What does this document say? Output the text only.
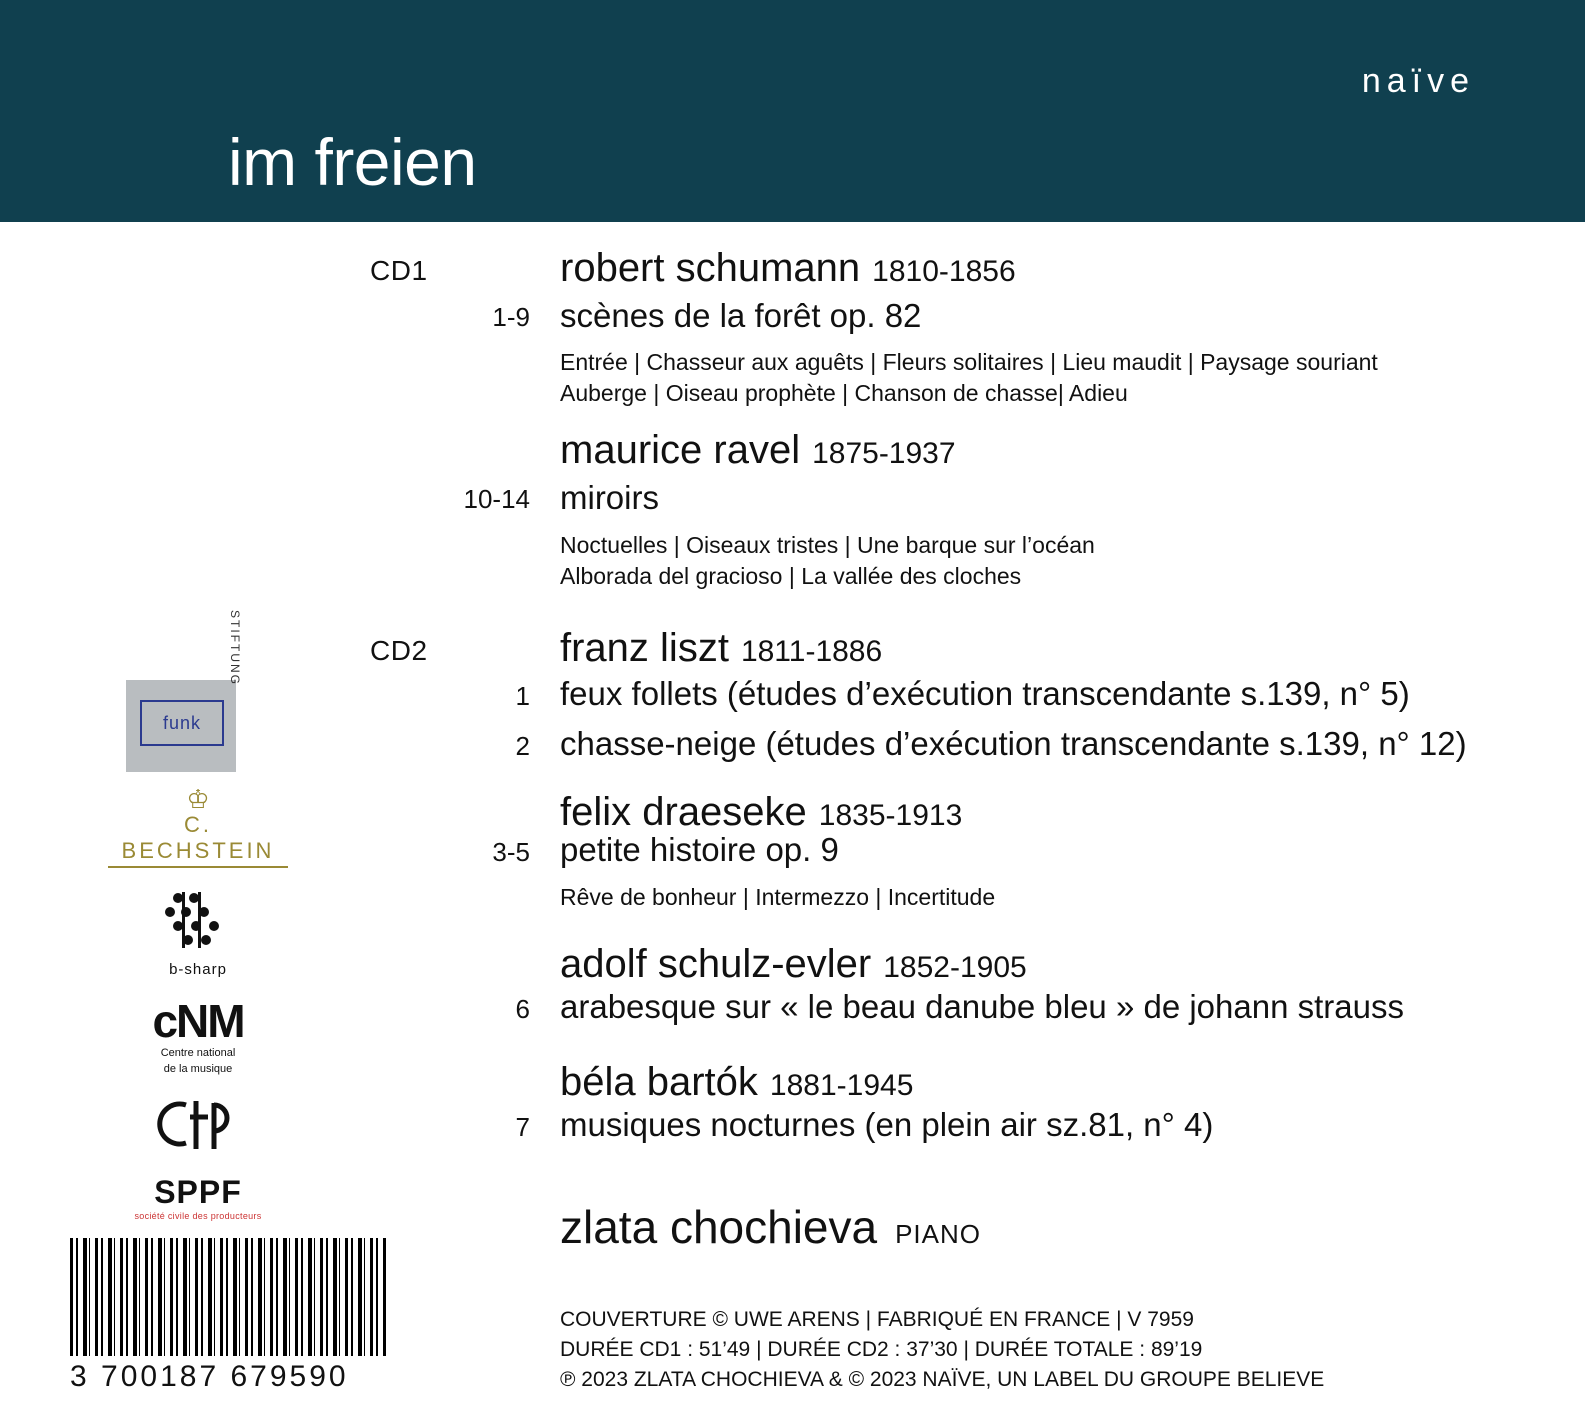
naïve
im freien
CD1	robert schumann 1810-1856
1-9 scènes de la forêt op. 82
Entrée | Chasseur aux aguêts | Fleurs solitaires | Lieu maudit | Paysage souriant
Auberge | Oiseau prophète | Chanson de chasse| Adieu
maurice ravel 1875-1937
10-14 miroirs
Noctuelles | Oiseaux tristes | Une barque sur l’océan
Alborada del gracioso | La vallée des cloches
CD2	franz liszt 1811-1886
1 feux follets (études d’exécution transcendante s.139, n° 5)
2 chasse-neige (études d’exécution transcendante s.139, n° 12)
felix draeseke 1835-1913
3-5 petite histoire op. 9
Rêve de bonheur | Intermezzo | Incertitude
adolf schulz-evler 1852-1905
6 arabesque sur « le beau danube bleu » de johann strauss
béla bartók 1881-1945
7 musiques nocturnes (en plein air sz.81, n° 4)
zlata chochieva PIANO
COUVERTURE © UWE ARENS | FABRIQUÉ EN FRANCE | V 7959
DURÉE CD1 : 51’49 | DURÉE CD2 : 37’30 | DURÉE TOTALE : 89’19
℗ 2023 ZLATA CHOCHIEVA & © 2023 NAÏVE, UN LABEL DU GROUPE BELIEVE
funk
STIFTUNG
♔
C. BECHSTEIN
b-sharp
cNM
Centre national
de la musique
SPPF
société civile des producteurs
3 700187 679590
